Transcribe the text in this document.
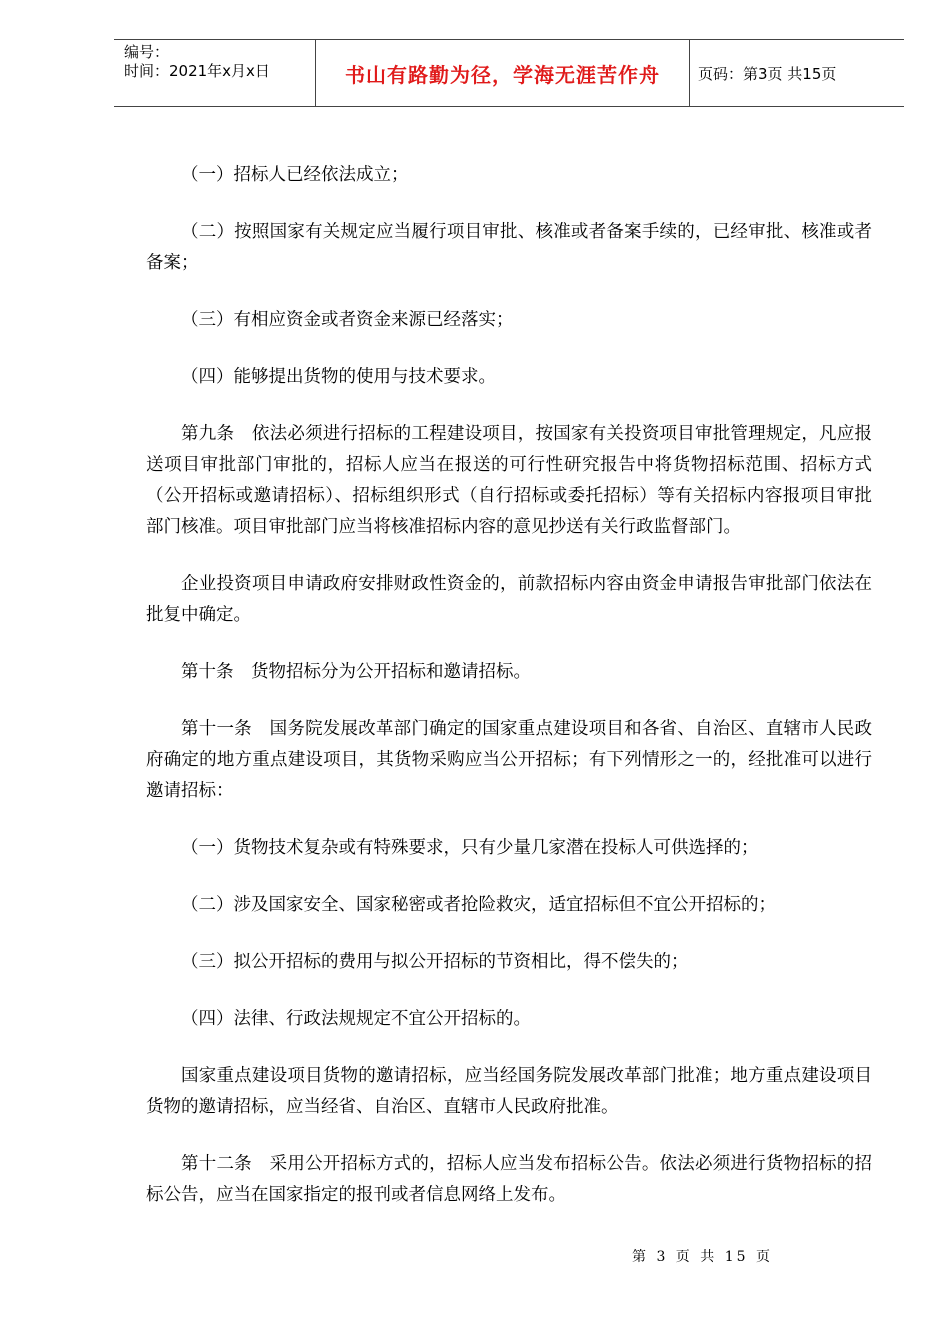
编号：
时间：2021年x月x日	书山有路勤为径，学海无涯苦作舟	页码：第3页 共15页

（一）招标人已经依法成立；

（二）按照国家有关规定应当履行项目审批、核准或者备案手续的，已经审批、核准或者备案；

（三）有相应资金或者资金来源已经落实；

（四）能够提出货物的使用与技术要求。

第九条　依法必须进行招标的工程建设项目，按国家有关投资项目审批管理规定，凡应报送项目审批部门审批的，招标人应当在报送的可行性研究报告中将货物招标范围、招标方式（公开招标或邀请招标）、招标组织形式（自行招标或委托招标）等有关招标内容报项目审批部门核准。项目审批部门应当将核准招标内容的意见抄送有关行政监督部门。

企业投资项目申请政府安排财政性资金的，前款招标内容由资金申请报告审批部门依法在批复中确定。

第十条　货物招标分为公开招标和邀请招标。

第十一条　国务院发展改革部门确定的国家重点建设项目和各省、自治区、直辖市人民政府确定的地方重点建设项目，其货物采购应当公开招标；有下列情形之一的，经批准可以进行邀请招标：

（一）货物技术复杂或有特殊要求，只有少量几家潜在投标人可供选择的；

（二）涉及国家安全、国家秘密或者抢险救灾，适宜招标但不宜公开招标的；

（三）拟公开招标的费用与拟公开招标的节资相比，得不偿失的；

（四）法律、行政法规规定不宜公开招标的。

国家重点建设项目货物的邀请招标，应当经国务院发展改革部门批准；地方重点建设项目货物的邀请招标，应当经省、自治区、直辖市人民政府批准。

第十二条　采用公开招标方式的，招标人应当发布招标公告。依法必须进行货物招标的招标公告，应当在国家指定的报刊或者信息网络上发布。

第 3 页 共 15 页
